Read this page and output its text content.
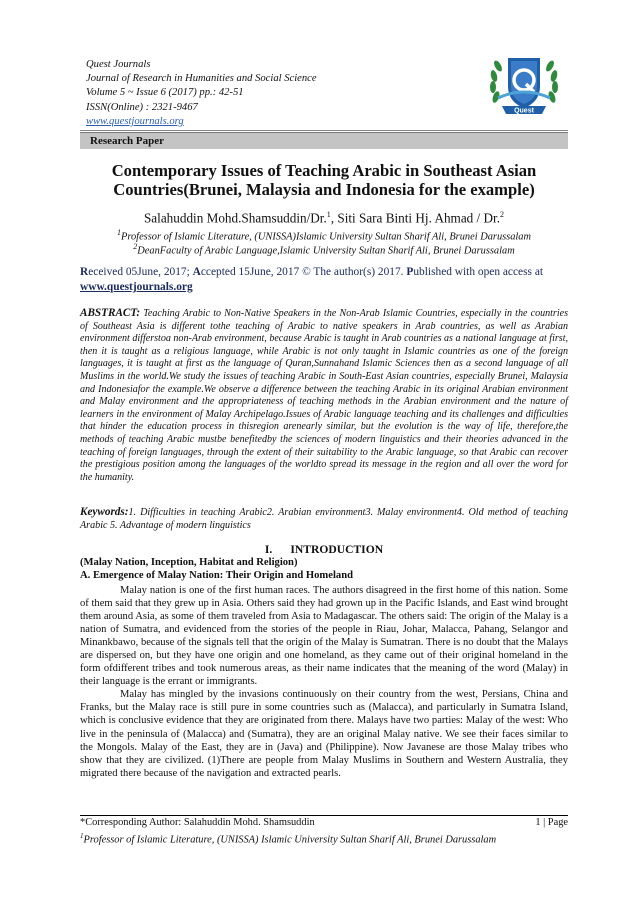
Quest Journals
Journal of Research in Humanities and Social Science
Volume 5 ~ Issue 6 (2017) pp.: 42-51
ISSN(Online) : 2321-9467
www.questjournals.org
Quest
Research Paper
Contemporary Issues of Teaching Arabic in Southeast Asian
Countries(Brunei, Malaysia and Indonesia for the example)
Salahuddin Mohd.Shamsuddin/Dr.$^1$, Siti Sara Binti Hj. Ahmad / Dr.$^2$
$^1$Professor of Islamic Literature, (UNISSA)Islamic University Sultan Sharif Ali, Brunei Darussalam
$^2$DeanFaculty of Arabic Language,Islamic University Sultan Sharif Ali, Brunei Darussalam
Received 05June, 2017; Accepted 15June, 2017 © The author(s) 2017. Published with open access at
www.questjournals.org
ABSTRACT: Teaching Arabic to Non-Native Speakers in the Non-Arab Islamic Countries, especially in the countries of Southeast Asia is different tothe teaching of Arabic to native speakers in Arab countries, as well as Arabian environment differstoa non-Arab environment, because Arabic is taught in Arab countries as a national language at first, then it is taught as a religious language, while Arabic is not only taught in Islamic countries as one of the foreign languages, it is taught at first as the language of Quran,Sunnahand Islamic Sciences then as a second language of all Muslims in the world.We study the issues of teaching Arabic in South-East Asian countries, especially Brunei, Malaysia and Indonesiafor the example.We observe a difference between the teaching Arabic in its original Arabian environment and Malay environment and the appropriateness of teaching methods in the Arabian environment and the nature of learners in the environment of Malay Archipelago.Issues of Arabic language teaching and its challenges and difficulties that hinder the education process in thisregion arenearly similar, but the evolution is the way of life, therefore,the methods of teaching Arabic mustbe benefitedby the sciences of modern linguistics and their theories advanced in the teaching of foreign languages, through the extent of their suitability to the Arabic language, so that Arabic can recover the prestigious position among the languages of the worldto spread its message in the region and all over the word for the humanity.
Keywords:1. Difficulties in teaching Arabic2. Arabian environment3. Malay environment4. Old method of teaching Arabic 5. Advantage of modern linguistics
I. INTRODUCTION
(Malay Nation, Inception, Habitat and Religion)
A. Emergence of Malay Nation: Their Origin and Homeland

Malay nation is one of the first human races. The authors disagreed in the first home of this nation. Some of them said that they grew up in Asia. Others said they had grown up in the Pacific Islands, and East wind brought them around Asia, as some of them traveled from Asia to Madagascar. The others said: The origin of the Malay is a nation of Sumatra, and evidenced from the stories of the people in Riau, Johar, Malacca, Pahang, Selangor and Minankbawo, because of the signals tell that the origin of the Malay is Sumatran. There is no doubt that the Malays are dispersed on, but they have one origin and one homeland, as they came out of their original homeland in the form ofdifferent tribes and took numerous areas, as their name indicates that the meaning of the word (Malay) in their language is the errant or immigrants.

Malay has mingled by the invasions continuously on their country from the west, Persians, China and Franks, but the Malay race is still pure in some countries such as (Malacca), and particularly in Sumatra Island, which is conclusive evidence that they are originated from there. Malays have two parties: Malay of the west: Who live in the peninsula of (Malacca) and (Sumatra), they are an original Malay native. We see their faces similar to the Mongols. Malay of the East, they are in (Java) and (Philippine). Now Javanese are those Malay tribes who show that they are civilized. (1)There are people from Malay Muslims in Southern and Western Australia, they migrated there because of the navigation and extracted pearls.

*Corresponding Author: Salahuddin Mohd. Shamsuddin	1 | Page
$^1$Professor of Islamic Literature, (UNISSA) Islamic University Sultan Sharif Ali, Brunei Darussalam
